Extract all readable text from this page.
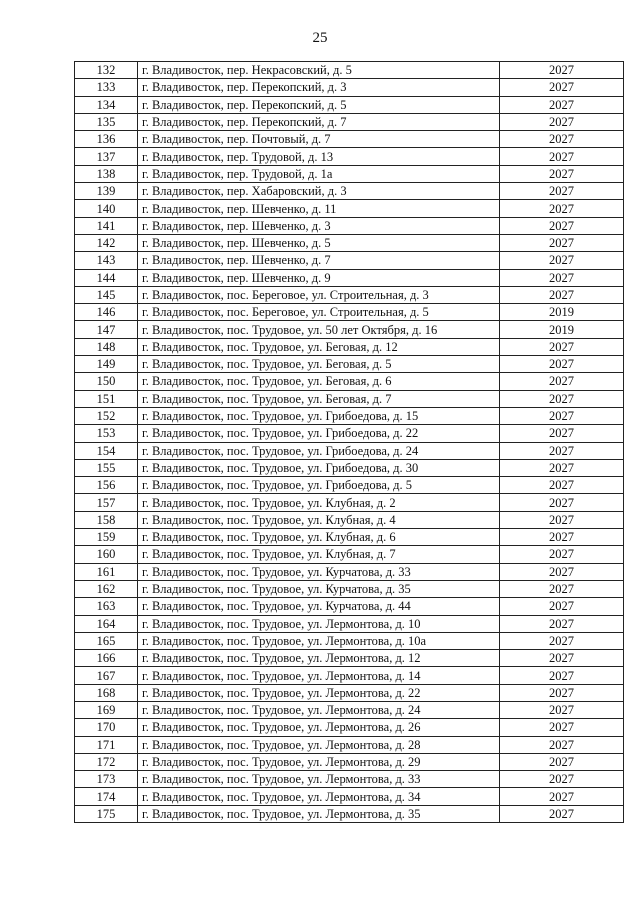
25
132	г. Владивосток, пер. Некрасовский, д. 5	2027
133	г. Владивосток, пер. Перекопский, д. 3	2027
134	г. Владивосток, пер. Перекопский, д. 5	2027
135	г. Владивосток, пер. Перекопский, д. 7	2027
136	г. Владивосток, пер. Почтовый, д. 7	2027
137	г. Владивосток, пер. Трудовой, д. 13	2027
138	г. Владивосток, пер. Трудовой, д. 1а	2027
139	г. Владивосток, пер. Хабаровский, д. 3	2027
140	г. Владивосток, пер. Шевченко, д. 11	2027
141	г. Владивосток, пер. Шевченко, д. 3	2027
142	г. Владивосток, пер. Шевченко, д. 5	2027
143	г. Владивосток, пер. Шевченко, д. 7	2027
144	г. Владивосток, пер. Шевченко, д. 9	2027
145	г. Владивосток, пос. Береговое, ул. Строительная, д. 3	2027
146	г. Владивосток, пос. Береговое, ул. Строительная, д. 5	2019
147	г. Владивосток, пос. Трудовое, ул. 50 лет Октября, д. 16	2019
148	г. Владивосток, пос. Трудовое, ул. Беговая, д. 12	2027
149	г. Владивосток, пос. Трудовое, ул. Беговая, д. 5	2027
150	г. Владивосток, пос. Трудовое, ул. Беговая, д. 6	2027
151	г. Владивосток, пос. Трудовое, ул. Беговая, д. 7	2027
152	г. Владивосток, пос. Трудовое, ул. Грибоедова, д. 15	2027
153	г. Владивосток, пос. Трудовое, ул. Грибоедова, д. 22	2027
154	г. Владивосток, пос. Трудовое, ул. Грибоедова, д. 24	2027
155	г. Владивосток, пос. Трудовое, ул. Грибоедова, д. 30	2027
156	г. Владивосток, пос. Трудовое, ул. Грибоедова, д. 5	2027
157	г. Владивосток, пос. Трудовое, ул. Клубная, д. 2	2027
158	г. Владивосток, пос. Трудовое, ул. Клубная, д. 4	2027
159	г. Владивосток, пос. Трудовое, ул. Клубная, д. 6	2027
160	г. Владивосток, пос. Трудовое, ул. Клубная, д. 7	2027
161	г. Владивосток, пос. Трудовое, ул. Курчатова, д. 33	2027
162	г. Владивосток, пос. Трудовое, ул. Курчатова, д. 35	2027
163	г. Владивосток, пос. Трудовое, ул. Курчатова, д. 44	2027
164	г. Владивосток, пос. Трудовое, ул. Лермонтова, д. 10	2027
165	г. Владивосток, пос. Трудовое, ул. Лермонтова, д. 10а	2027
166	г. Владивосток, пос. Трудовое, ул. Лермонтова, д. 12	2027
167	г. Владивосток, пос. Трудовое, ул. Лермонтова, д. 14	2027
168	г. Владивосток, пос. Трудовое, ул. Лермонтова, д. 22	2027
169	г. Владивосток, пос. Трудовое, ул. Лермонтова, д. 24	2027
170	г. Владивосток, пос. Трудовое, ул. Лермонтова, д. 26	2027
171	г. Владивосток, пос. Трудовое, ул. Лермонтова, д. 28	2027
172	г. Владивосток, пос. Трудовое, ул. Лермонтова, д. 29	2027
173	г. Владивосток, пос. Трудовое, ул. Лермонтова, д. 33	2027
174	г. Владивосток, пос. Трудовое, ул. Лермонтова, д. 34	2027
175	г. Владивосток, пос. Трудовое, ул. Лермонтова, д. 35	2027
